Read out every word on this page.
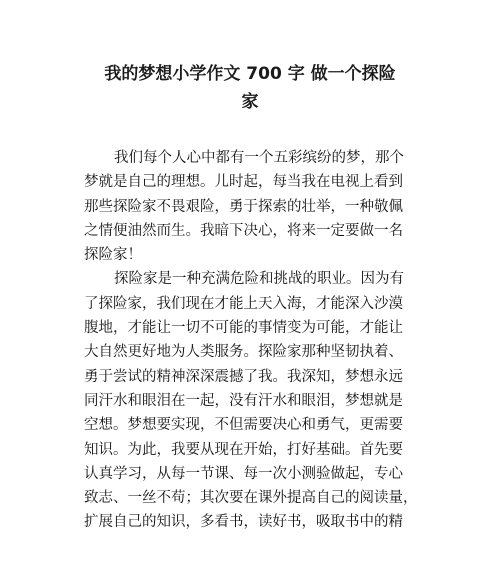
我的梦想小学作文 700 字 做一个探险
家
我们每个人心中都有一个五彩缤纷的梦，那个
梦就是自己的理想。儿时起，每当我在电视上看到
那些探险家不畏艰险，勇于探索的壮举，一种敬佩
之情便油然而生。我暗下决心，将来一定要做一名
探险家！
探险家是一种充满危险和挑战的职业。因为有
了探险家，我们现在才能上天入海，才能深入沙漠
腹地，才能让一切不可能的事情变为可能，才能让
大自然更好地为人类服务。探险家那种坚韧执着、
勇于尝试的精神深深震撼了我。我深知，梦想永远
同汗水和眼泪在一起，没有汗水和眼泪，梦想就是
空想。梦想要实现，不但需要决心和勇气，更需要
知识。为此，我要从现在开始，打好基础。首先要
认真学习，从每一节课、每一次小测验做起，专心
致志、一丝不苟；其次要在课外提高自己的阅读量，
扩展自己的知识，多看书，读好书，吸取书中的精
